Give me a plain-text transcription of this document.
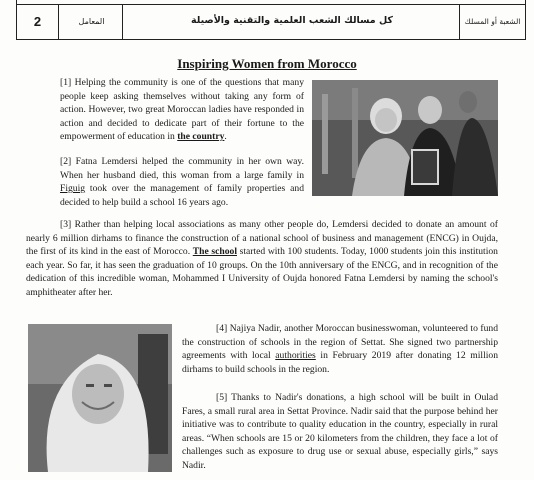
2	المعامل	كل مسالك الشعب العلمية والتقنية والأصيلة	الشعبة أو المسلك
Inspiring Women from Morocco

[1] Helping the community is one of the questions that many people keep asking themselves without taking any form of action. However, two great Moroccan ladies have responded in action and decided to dedicate part of their fortune to the empowerment of education in the country.

[2] Fatna Lemdersi helped the community in her own way. When her husband died, this woman from a large family in Figuig took over the management of family properties and decided to help build a school 16 years ago.

[3] Rather than helping local associations as many other people do, Lemdersi decided to donate an amount of nearly 6 million dirhams to finance the construction of a national school of business and management (ENCG) in Oujda, the first of its kind in the east of Morocco. The school started with 100 students. Today, 1000 students join this institution each year. So far, it has seen the graduation of 10 groups. On the 10th anniversary of the ENCG, and in recognition of the dedication of this incredible woman, Mohammed I University of Oujda honored Fatna Lemdersi by naming the school's amphitheater after her.

[4] Najiya Nadir, another Moroccan businesswoman, volunteered to fund the construction of schools in the region of Settat. She signed two partnership agreements with local authorities in February 2019 after donating 12 million dirhams to build schools in the region.

[5] Thanks to Nadir's donations, a high school will be built in Oulad Fares, a small rural area in Settat Province. Nadir said that the purpose behind her initiative was to contribute to quality education in the country, especially in rural areas. “When schools are 15 or 20 kilometers from the children, they face a lot of challenges such as exposure to drug use or sexual abuse, especially girls,” says Nadir.
